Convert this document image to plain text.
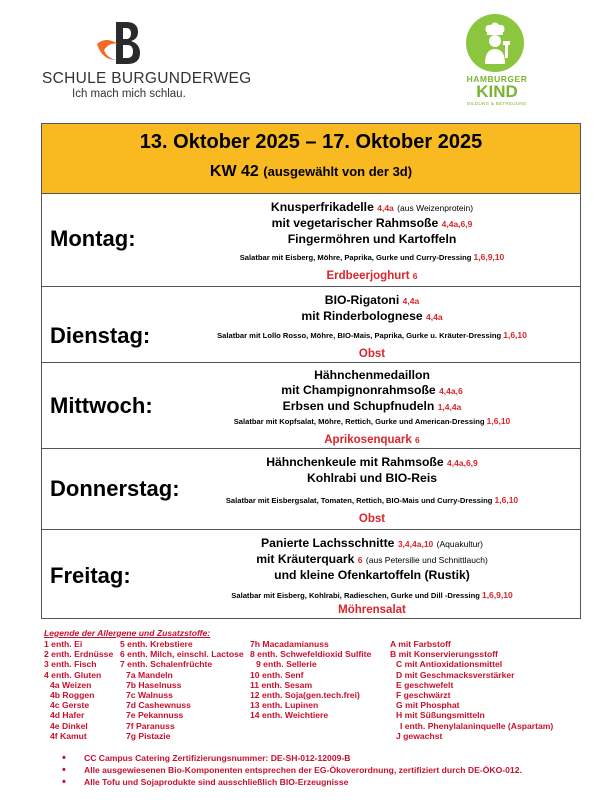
SCHULE BURGUNDERWEG
Ich mach mich schlau.
HAMBURGER
KIND
BILDUNG & BETREUUNG
13. Oktober 2025 – 17. Oktober 2025
KW 42 (ausgewählt von der 3d)
Montag:
Knusperfrikadelle 4,4a (aus Weizenprotein)
mit vegetarischer Rahmsoße 4,4a,6,9
Fingermöhren und Kartoffeln
Salatbar mit Eisberg, Möhre, Paprika, Gurke und Curry-Dressing 1,6,9,10
Erdbeerjoghurt 6
Dienstag:
BIO-Rigatoni 4,4a
mit Rinderbolognese 4,4a
Salatbar mit Lollo Rosso, Möhre, BIO-Mais, Paprika, Gurke u. Kräuter-Dressing 1,6,10
Obst
Mittwoch:
Hähnchenmedaillon
mit Champignonrahmsoße 4,4a,6
Erbsen und Schupfnudeln 1,4,4a
Salatbar mit Kopfsalat, Möhre, Rettich, Gurke und American-Dressing 1,6,10
Aprikosenquark 6
Donnerstag:
Hähnchenkeule mit Rahmsoße 4,4a,6,9
Kohlrabi und BIO-Reis
Salatbar mit Eisbergsalat, Tomaten, Rettich, BIO-Mais und Curry-Dressing 1,6,10
Obst
Freitag:
Panierte Lachsschnitte 3,4,4a,10 (Aquakultur)
mit Kräuterquark 6 (aus Petersilie und Schnittlauch)
und kleine Ofenkartoffeln (Rustik)
Salatbar mit Eisberg, Kohlrabi, Radieschen, Gurke und Dill -Dressing 1,6,9,10
Möhrensalat
Legende der Allergene und Zusatzstoffe:
1 enth. Ei
2 enth. Erdnüsse
3 enth. Fisch
4 enth. Gluten
4a Weizen
4b Roggen
4c Gerste
4d Hafer
4e Dinkel
4f Kamut
5 enth. Krebstiere
6 enth. Milch, einschl. Lactose
7 enth. Schalenfrüchte
7a Mandeln
7b Haselnuss
7c Walnuss
7d Cashewnuss
7e Pekannuss
7f Paranuss
7g Pistazie
7h Macadamianuss
8 enth. Schwefeldioxid Sulfite
9 enth. Sellerie
10 enth. Senf
11 enth. Sesam
12 enth. Soja(gen.tech.frei)
13 enth. Lupinen
14 enth. Weichtiere
A mit Farbstoff
B mit Konservierungsstoff
C mit Antioxidationsmittel
D mit Geschmacksverstärker
E geschwefelt
F geschwärzt
G mit Phosphat
H mit Süßungsmitteln
I enth. Phenylalaninquelle (Aspartam)
J gewachst
• CC Campus Catering Zertifizierungsnummer: DE-SH-012-12009-B
• Alle ausgewiesenen Bio-Komponenten entsprechen der EG-Ökoverordnung, zertifiziert durch DE-ÖKO-012.
• Alle Tofu und Sojaprodukte sind ausschließlich BIO-Erzeugnisse
